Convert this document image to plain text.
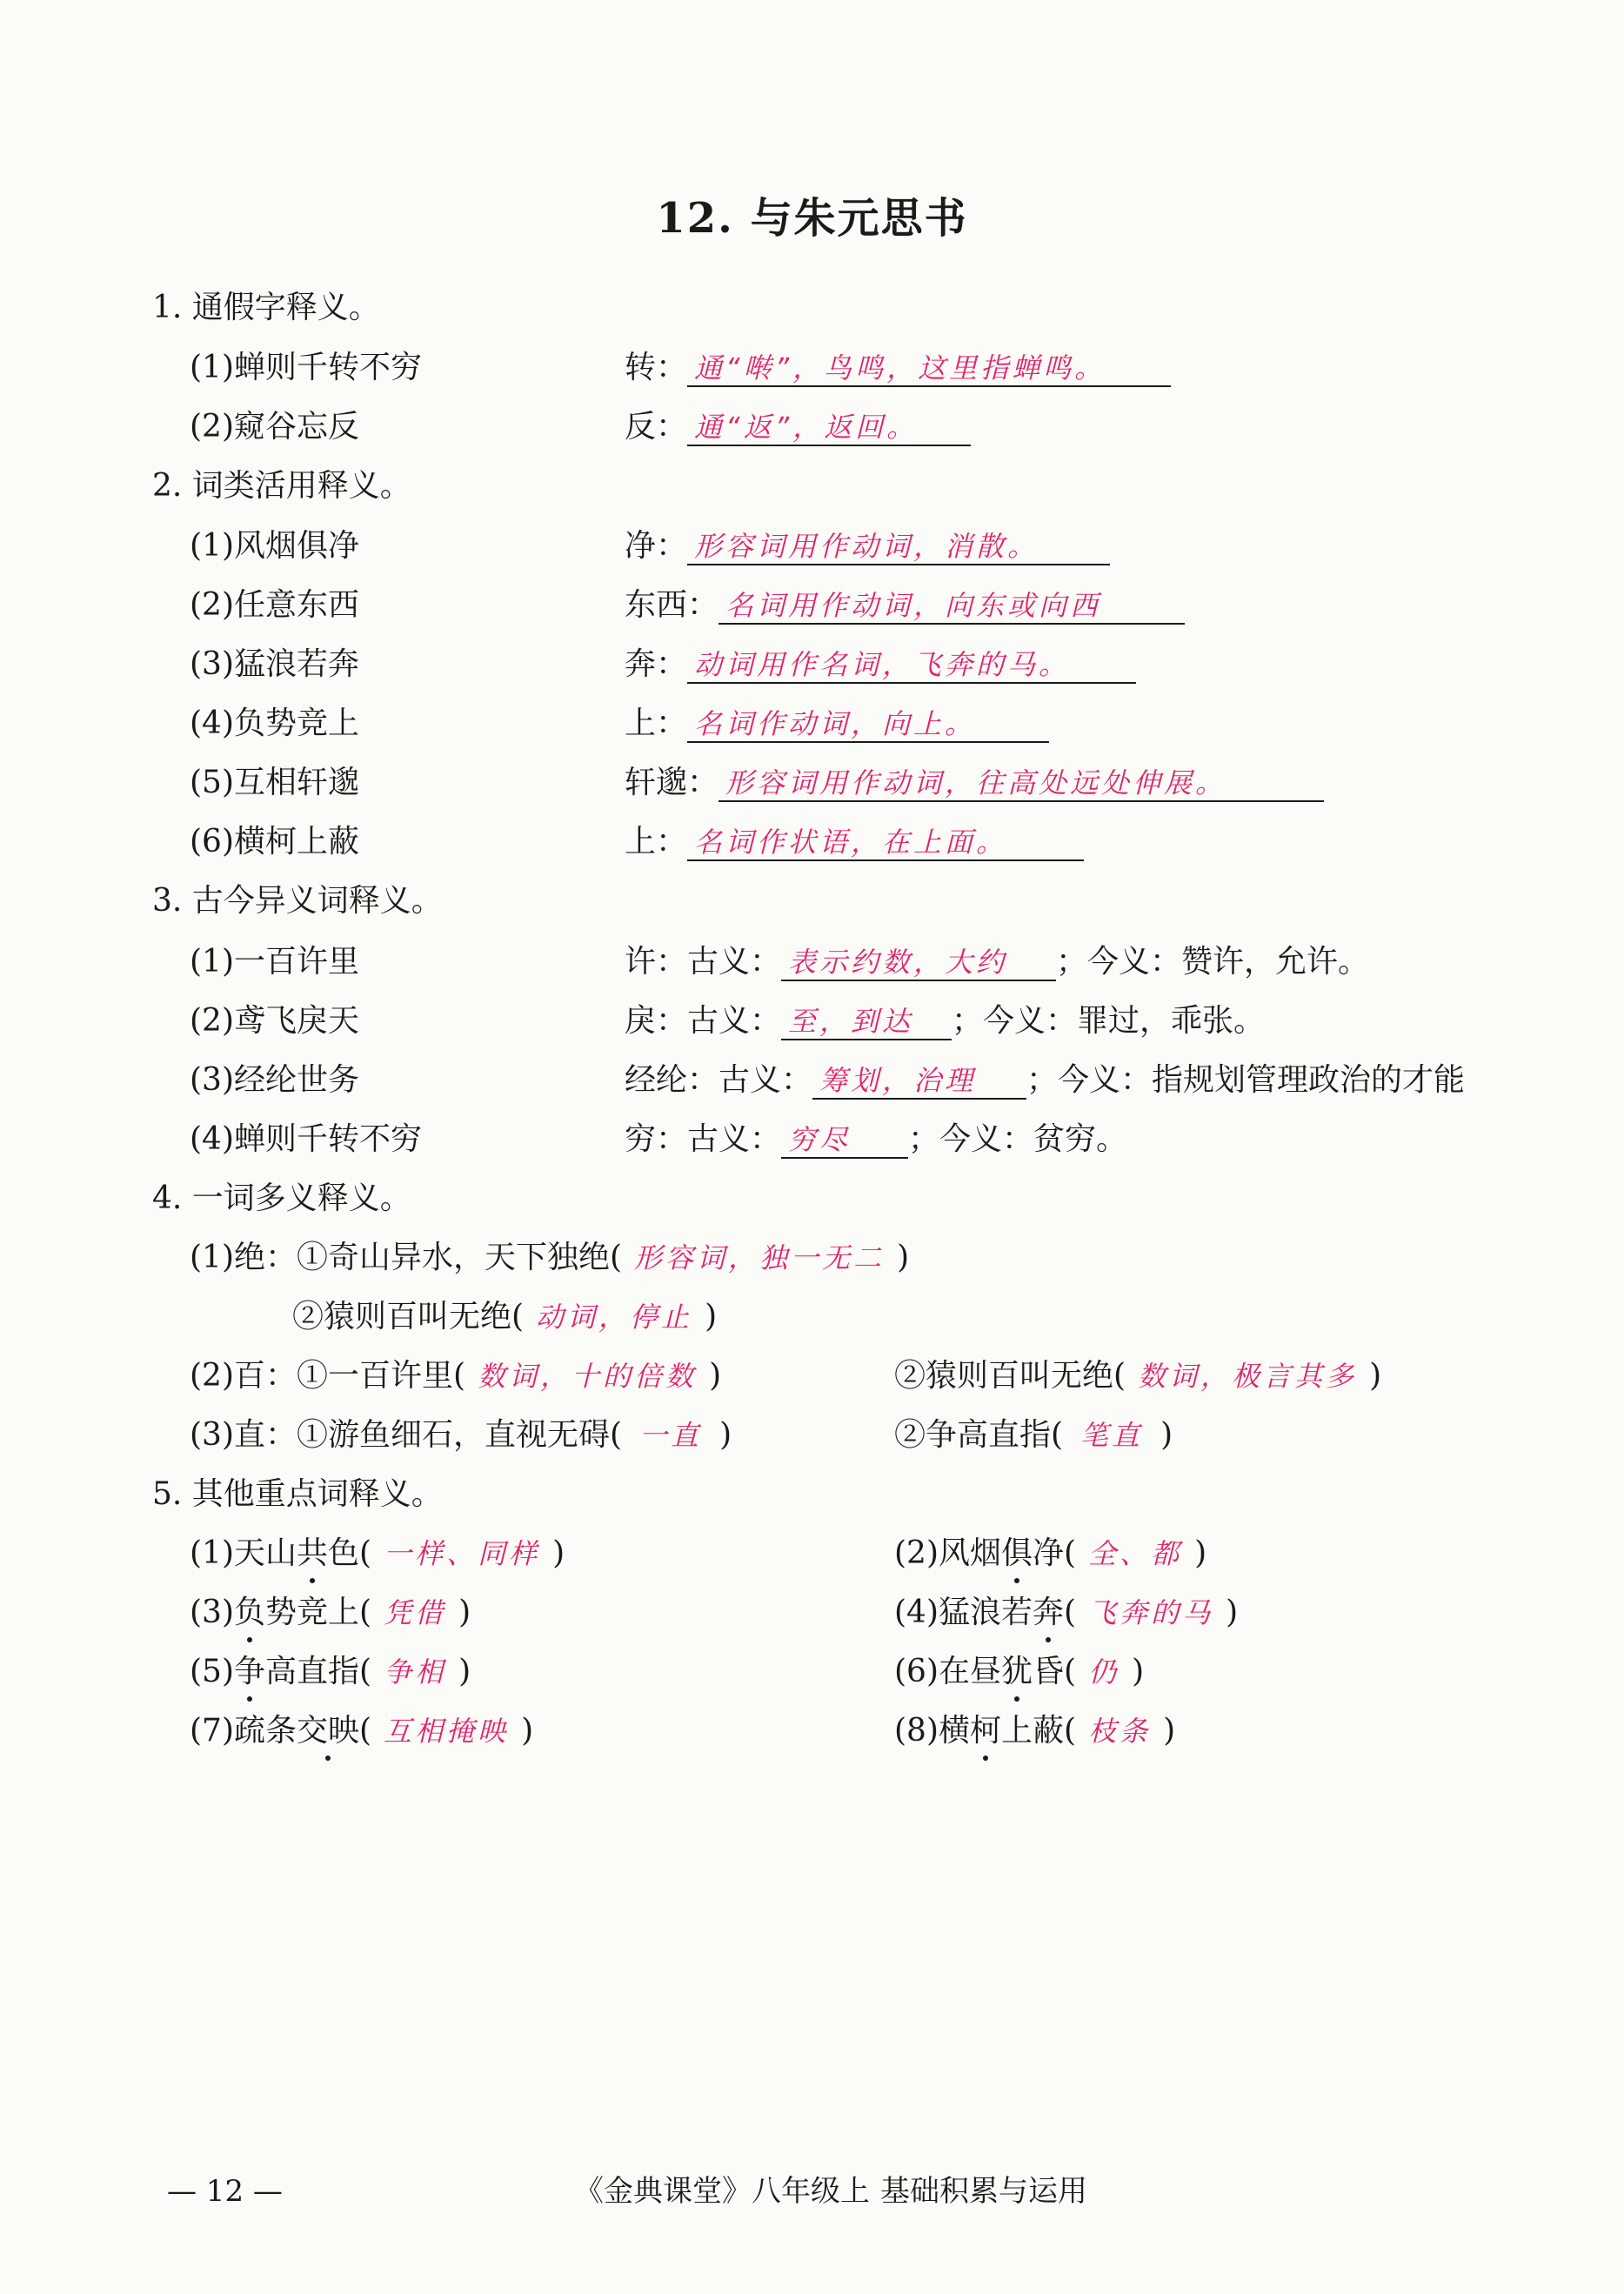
12. 与朱元思书
1. 通假字释义。
(1)蝉则千转不穷	转： 通“啭”，鸟鸣，这里指蝉鸣。
(2)窥谷忘反	反： 通“返”，返回。
2. 词类活用释义。
(1)风烟俱净	净： 形容词用作动词，消散。
(2)任意东西	东西： 名词用作动词，向东或向西
(3)猛浪若奔	奔： 动词用作名词，飞奔的马。
(4)负势竞上	上： 名词作动词，向上。
(5)互相轩邈	轩邈： 形容词用作动词，往高处远处伸展。
(6)横柯上蔽	上： 名词作状语，在上面。
3. 古今异义词释义。
(1)一百许里	许：古义： 表示约数，大约 ；今义：赞许，允许。
(2)鸢飞戾天	戾：古义： 至，到达 ；今义：罪过，乖张。
(3)经纶世务	经纶：古义： 筹划，治理 ；今义：指规划管理政治的才能
(4)蝉则千转不穷	穷：古义： 穷尽 ；今义：贫穷。
4. 一词多义释义。
(1)绝：①奇山异水，天下独绝( 形容词，独一无二 )
②猿则百叫无绝( 动词，停止 )
(2)百：①一百许里( 数词，十的倍数 )	②猿则百叫无绝( 数词，极言其多 )
(3)直：①游鱼细石，直视无碍( 一直 )	②争高直指( 笔直 )
5. 其他重点词释义。
(1)天山共色( 一样、同样 )	(2)风烟俱净( 全、都 )
(3)负势竞上( 凭借 )	(4)猛浪若奔( 飞奔的马 )
(5)争高直指( 争相 )	(6)在昼犹昏( 仍 )
(7)疏条交映( 互相掩映 )	(8)横柯上蔽( 枝条 )
— 12 —	《金典课堂》八年级上 基础积累与运用
